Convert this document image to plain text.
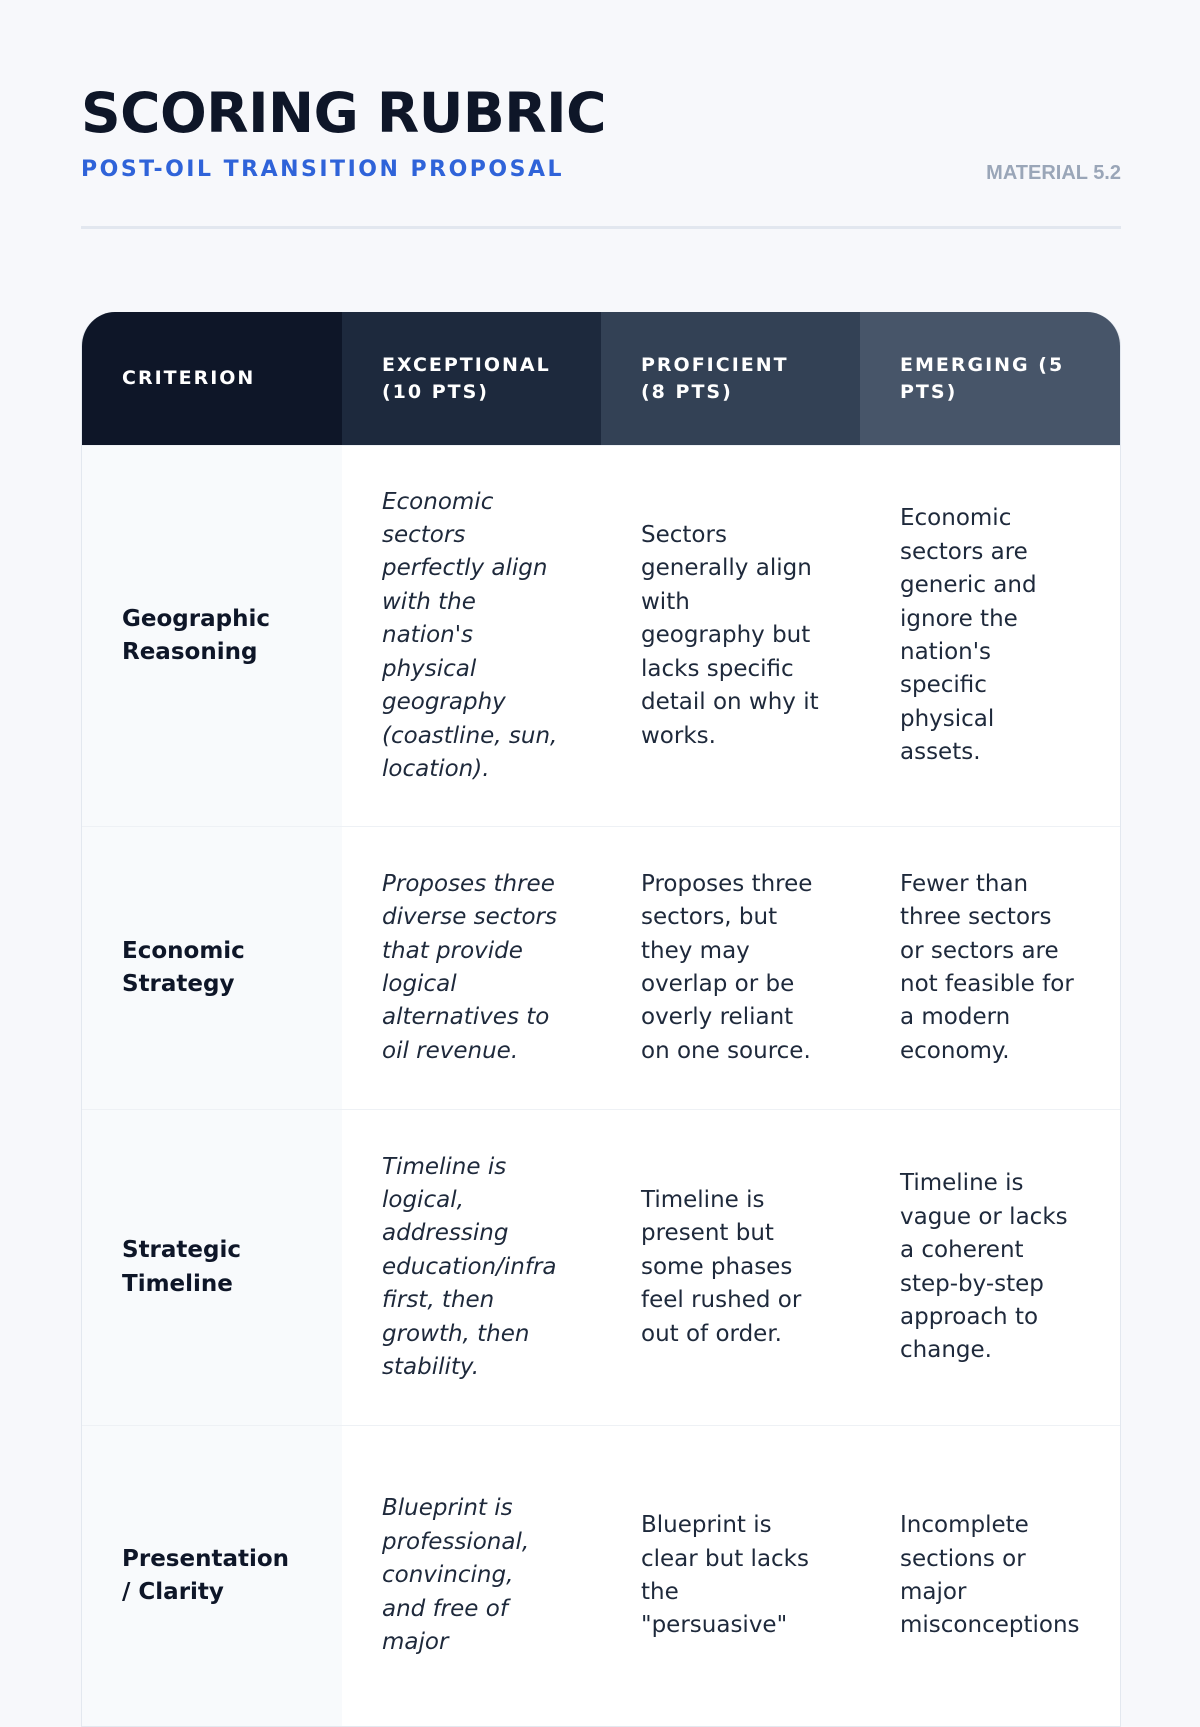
SCORING RUBRIC
POST-OIL TRANSITION PROPOSAL	MATERIAL 5.2
CRITERION
EXCEPTIONAL (10 PTS)
PROFICIENT (8 PTS)
EMERGING (5 PTS)
Geographic Reasoning
Economic sectors perfectly align with the nation's physical geography (coastline, sun, location).
Sectors generally align with geography but lacks specific detail on why it works.
Economic sectors are generic and ignore the nation's specific physical assets.
Economic Strategy
Proposes three diverse sectors that provide logical alternatives to oil revenue.
Proposes three sectors, but they may overlap or be overly reliant on one source.
Fewer than three sectors or sectors are not feasible for a modern economy.
Strategic Timeline
Timeline is logical, addressing education/infra first, then growth, then stability.
Timeline is present but some phases feel rushed or out of order.
Timeline is vague or lacks a coherent step-by-step approach to change.
Presentation / Clarity
Blueprint is professional, convincing, and free of major
Blueprint is clear but lacks the "persuasive"
Incomplete sections or major misconceptions
